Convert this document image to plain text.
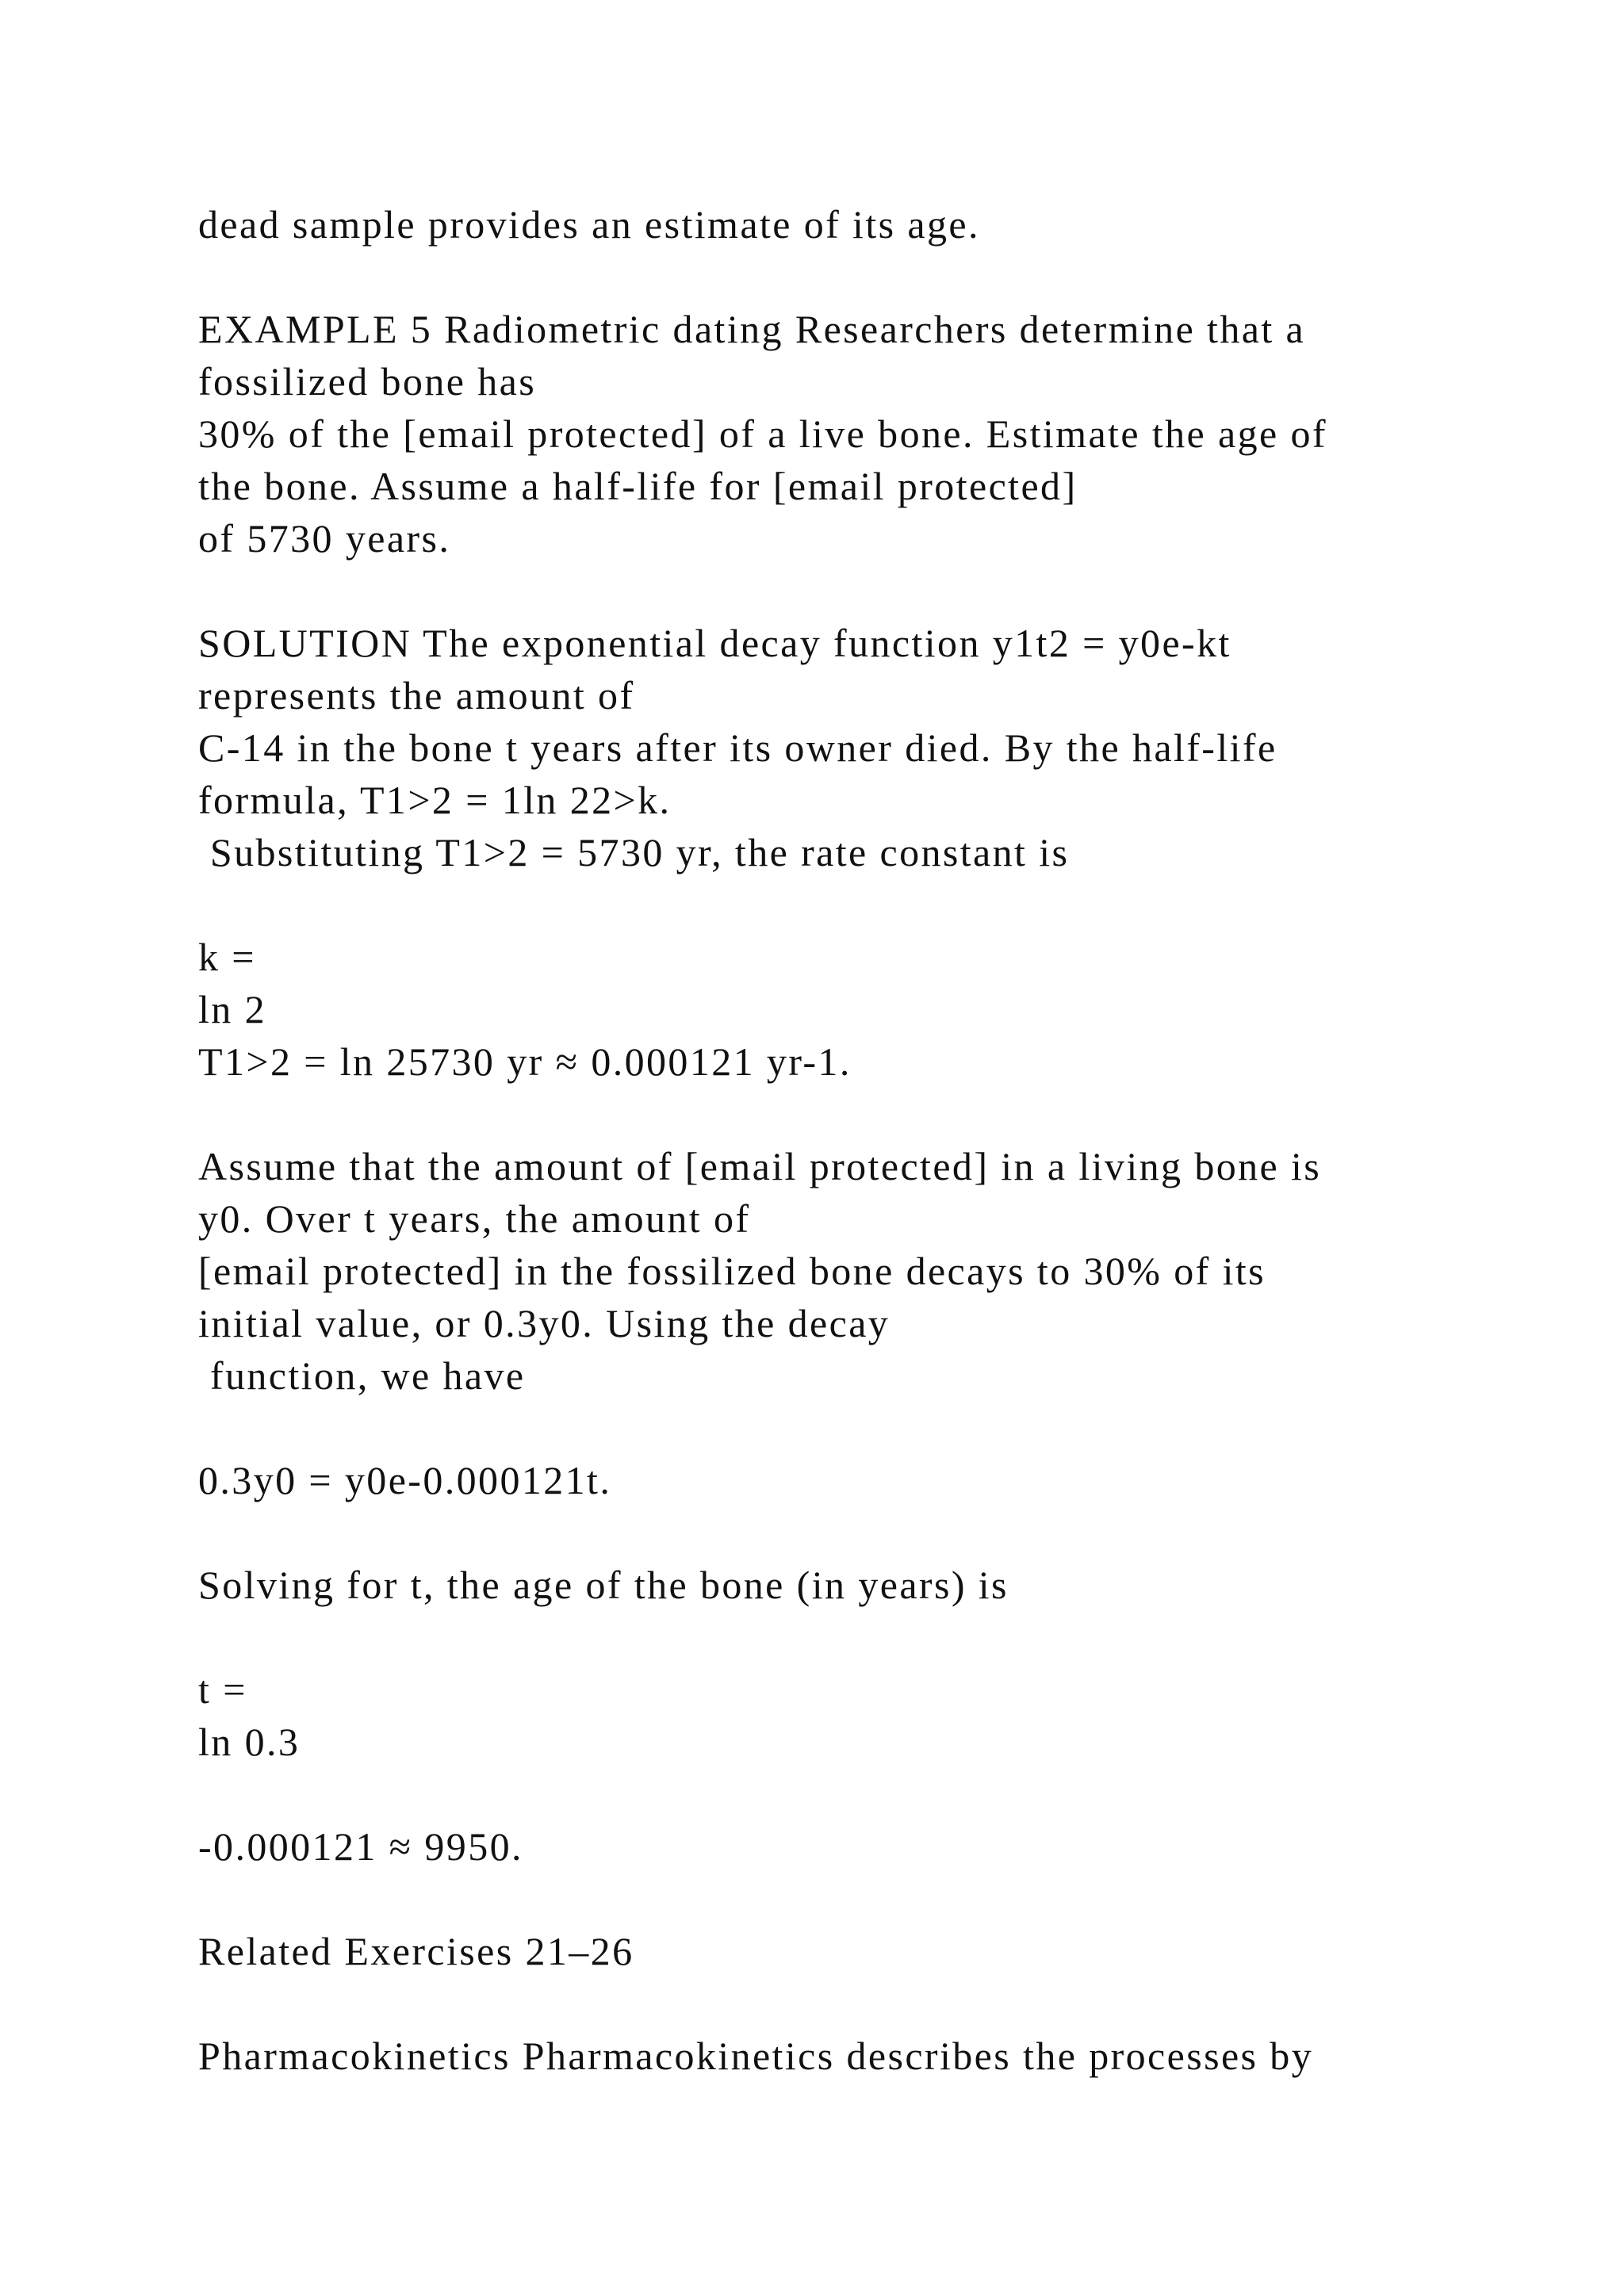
dead sample provides an estimate of its age.

EXAMPLE 5 Radiometric dating Researchers determine that a

fossilized bone has

30% of the [email protected] of a live bone. Estimate the age of

the bone. Assume a half-life for [email protected]

of 5730 years.

SOLUTION The exponential decay function y1t2 = y0e-kt

represents the amount of

C-14 in the bone t years after its owner died. By the half-life

formula, T1>2 = 1ln 22>k.

Substituting T1>2 = 5730 yr, the rate constant is

k =

ln 2

T1>2 = ln 25730 yr ≈ 0.000121 yr-1.

Assume that the amount of [email protected] in a living bone is

y0. Over t years, the amount of

[email protected] in the fossilized bone decays to 30% of its

initial value, or 0.3y0. Using the decay

function, we have

0.3y0 = y0e-0.000121t.

Solving for t, the age of the bone (in years) is

t =

ln 0.3

-0.000121 ≈ 9950.

Related Exercises 21–26

Pharmacokinetics Pharmacokinetics describes the processes by
